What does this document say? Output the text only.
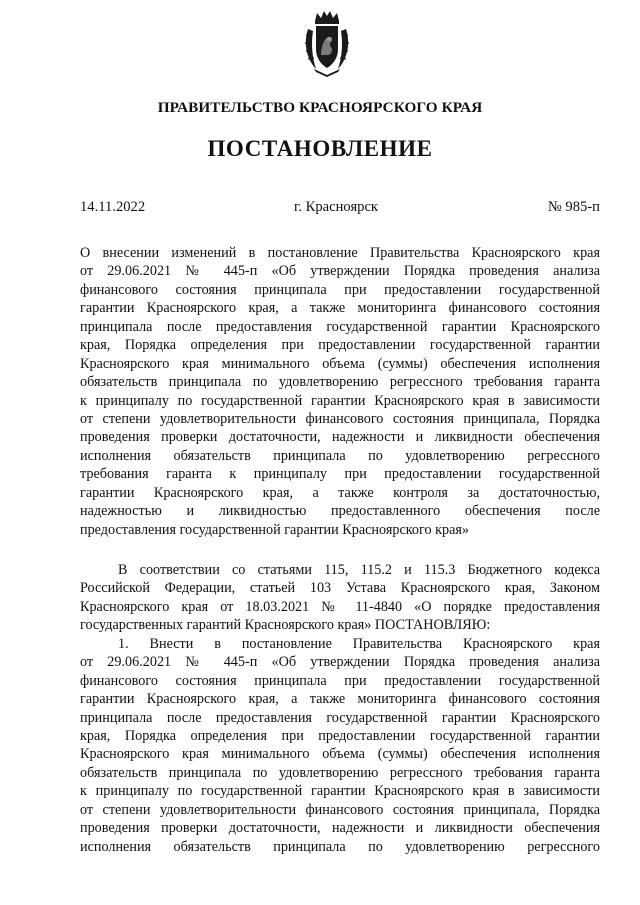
ПРАВИТЕЛЬСТВО КРАСНОЯРСКОГО КРАЯ
ПОСТАНОВЛЕНИЕ
14.11.2022	г. Красноярск	№ 985-п
О внесении изменений в постановление Правительства Красноярского края
от 29.06.2021 № 445-п «Об утверждении Порядка проведения анализа
финансового состояния принципала при предоставлении государственной
гарантии Красноярского края, а также мониторинга финансового состояния
принципала после предоставления государственной гарантии Красноярского
края, Порядка определения при предоставлении государственной гарантии
Красноярского края минимального объема (суммы) обеспечения исполнения
обязательств принципала по удовлетворению регрессного требования гаранта
к принципалу по государственной гарантии Красноярского края в зависимости
от степени удовлетворительности финансового состояния принципала, Порядка
проведения проверки достаточности, надежности и ликвидности обеспечения
исполнения обязательств принципала по удовлетворению регрессного
требования гаранта к принципалу при предоставлении государственной
гарантии Красноярского края, а также контроля за достаточностью,
надежностью и ликвидностью предоставленного обеспечения после
предоставления государственной гарантии Красноярского края»
В соответствии со статьями 115, 115.2 и 115.3 Бюджетного кодекса
Российской Федерации, статьей 103 Устава Красноярского края, Законом
Красноярского края от 18.03.2021 № 11-4840 «О порядке предоставления
государственных гарантий Красноярского края» ПОСТАНОВЛЯЮ:
1. Внести в постановление Правительства Красноярского края
от 29.06.2021 № 445-п «Об утверждении Порядка проведения анализа
финансового состояния принципала при предоставлении государственной
гарантии Красноярского края, а также мониторинга финансового состояния
принципала после предоставления государственной гарантии Красноярского
края, Порядка определения при предоставлении государственной гарантии
Красноярского края минимального объема (суммы) обеспечения исполнения
обязательств принципала по удовлетворению регрессного требования гаранта
к принципалу по государственной гарантии Красноярского края в зависимости
от степени удовлетворительности финансового состояния принципала, Порядка
проведения проверки достаточности, надежности и ликвидности обеспечения
исполнения обязательств принципала по удовлетворению регрессного
